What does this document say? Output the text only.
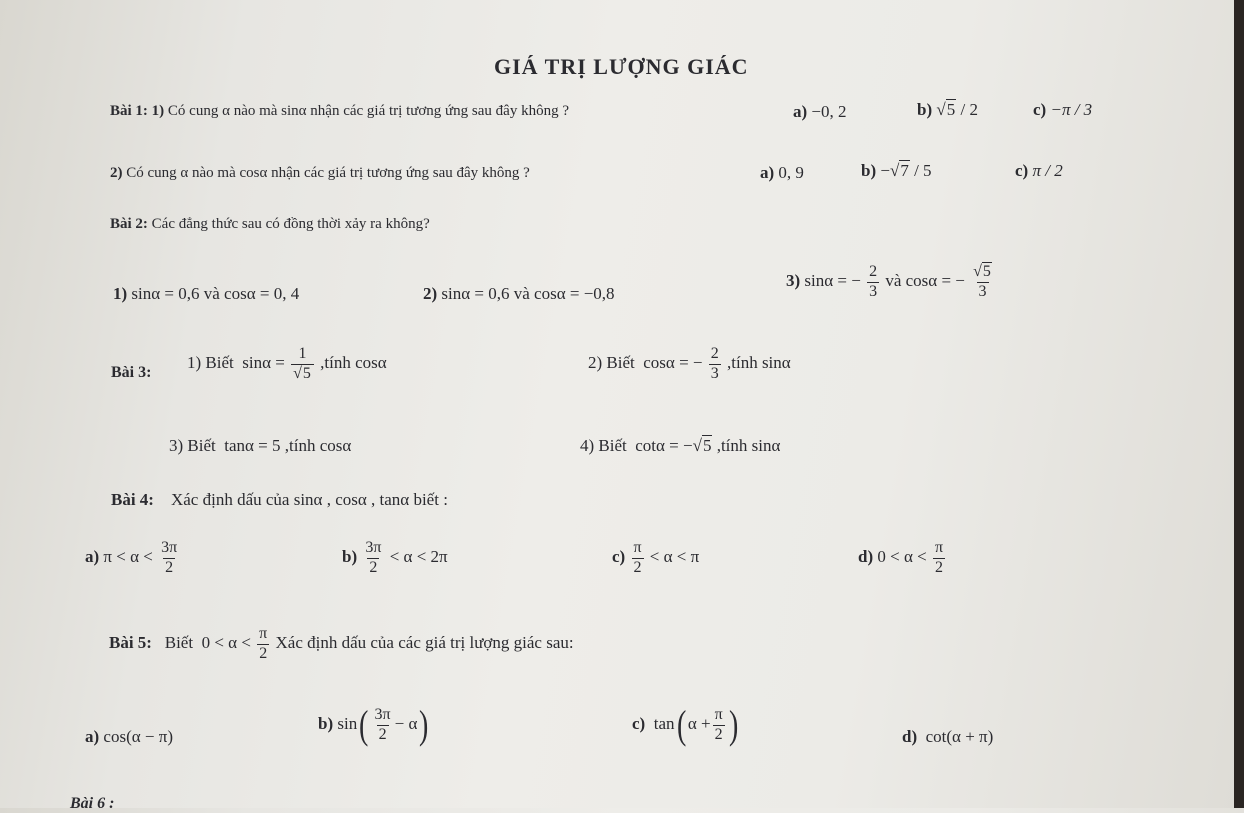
GIÁ TRỊ LƯỢNG GIÁC
Bài 1: 1) Có cung α nào mà sinα nhận các giá trị tương ứng sau đây không ?	a) −0, 2	b) √5 / 2	c) −π / 3
2) Có cung α nào mà cosα nhận các giá trị tương ứng sau đây không ?	a) 0, 9	b) −√7 / 5	c) π / 2
Bài 2: Các đẳng thức sau có đồng thời xảy ra không?
1) sinα = 0,6 và cosα = 0, 4	2) sinα = 0,6 và cosα = −0,8
3) sinα = − $\frac{2}{3}$ và cosα = − $\frac{√5}{3}$
Bài 3:
1) Biết $\sin\alpha = \frac{1}{√5}$ ,tính cosα	2) Biết cosα = − $\frac{2}{3}$ ,tính sinα
3) Biết tanα = 5 ,tính cosα	4) Biết cotα = −√5 ,tính sinα
Bài 4: Xác định dấu của sinα , cosα , tanα biết :
a) $\pi < \alpha < \frac{3\pi}{2}$	$b) \frac{3\pi}{2} < \alpha < 2\pi$	$c) \frac{\pi}{2} < \alpha < \pi$	d) $0 < \alpha < \frac{\pi}{2}$
Bài 5: Biết $0 < \alpha < \frac{\pi}{2}$ Xác định dấu của các giá trị lượng giác sau:
a) cos(α − π)
b) $\sin( \frac{3\pi}{2} - \alpha)$	c) tan( $\alpha + \frac{\pi}{2}$ )	d) cot(α + π)
Bài 6 :
